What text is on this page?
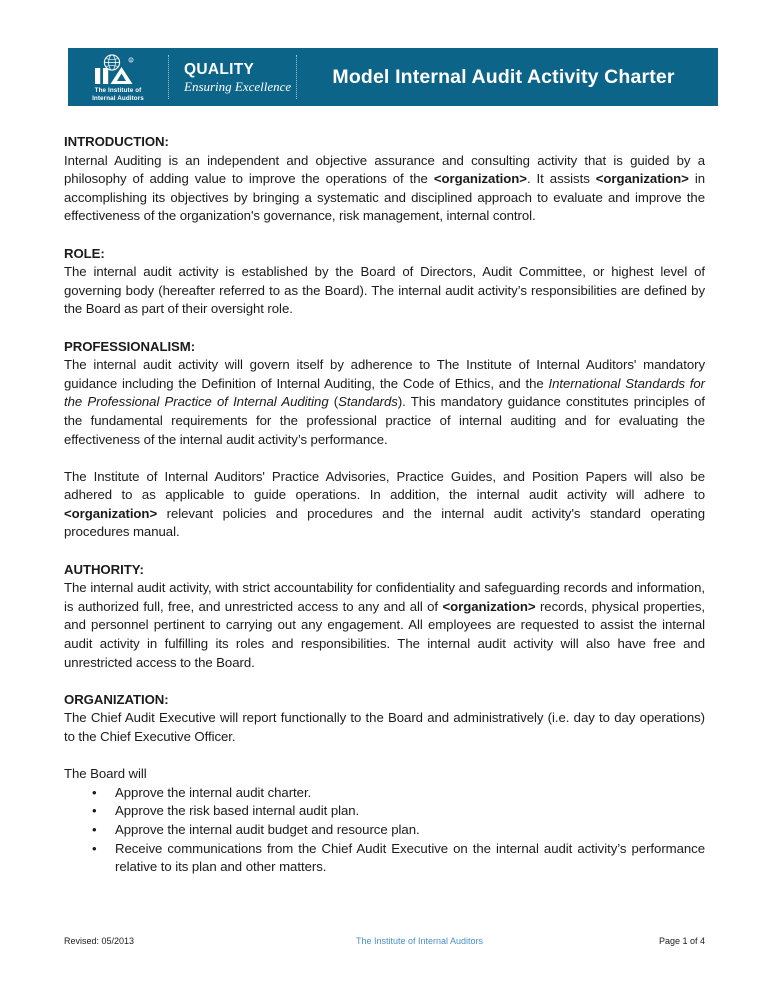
R
The Institute of
Internal Auditors
QUALITY
Ensuring Excellence Model Internal Audit Activity Charter
INTRODUCTION:

Internal Auditing is an independent and objective assurance and consulting activity that is guided by a philosophy of adding value to improve the operations of the <organization>. It assists <organization> in accomplishing its objectives by bringing a systematic and disciplined approach to evaluate and improve the effectiveness of the organization's governance, risk management, internal control.

ROLE:

The internal audit activity is established by the Board of Directors, Audit Committee, or highest level of governing body (hereafter referred to as the Board). The internal audit activity’s responsibilities are defined by the Board as part of their oversight role.

PROFESSIONALISM:

The internal audit activity will govern itself by adherence to The Institute of Internal Auditors' mandatory guidance including the Definition of Internal Auditing, the Code of Ethics, and the International Standards for the Professional Practice of Internal Auditing (Standards). This mandatory guidance constitutes principles of the fundamental requirements for the professional practice of internal auditing and for evaluating the effectiveness of the internal audit activity’s performance.

The Institute of Internal Auditors' Practice Advisories, Practice Guides, and Position Papers will also be adhered to as applicable to guide operations. In addition, the internal audit activity will adhere to <organization> relevant policies and procedures and the internal audit activity's standard operating procedures manual.

AUTHORITY:

The internal audit activity, with strict accountability for confidentiality and safeguarding records and information, is authorized full, free, and unrestricted access to any and all of <organization> records, physical properties, and personnel pertinent to carrying out any engagement. All employees are requested to assist the internal audit activity in fulfilling its roles and responsibilities. The internal audit activity will also have free and unrestricted access to the Board.

ORGANIZATION:

The Chief Audit Executive will report functionally to the Board and administratively (i.e. day to day operations) to the Chief Executive Officer.

The Board will

• Approve the internal audit charter.
• Approve the risk based internal audit plan.
• Approve the internal audit budget and resource plan.
• Receive communications from the Chief Audit Executive on the internal audit activity’s performance relative to its plan and other matters.
Revised: 05/2013	The Institute of Internal Auditors	Page 1 of 4
